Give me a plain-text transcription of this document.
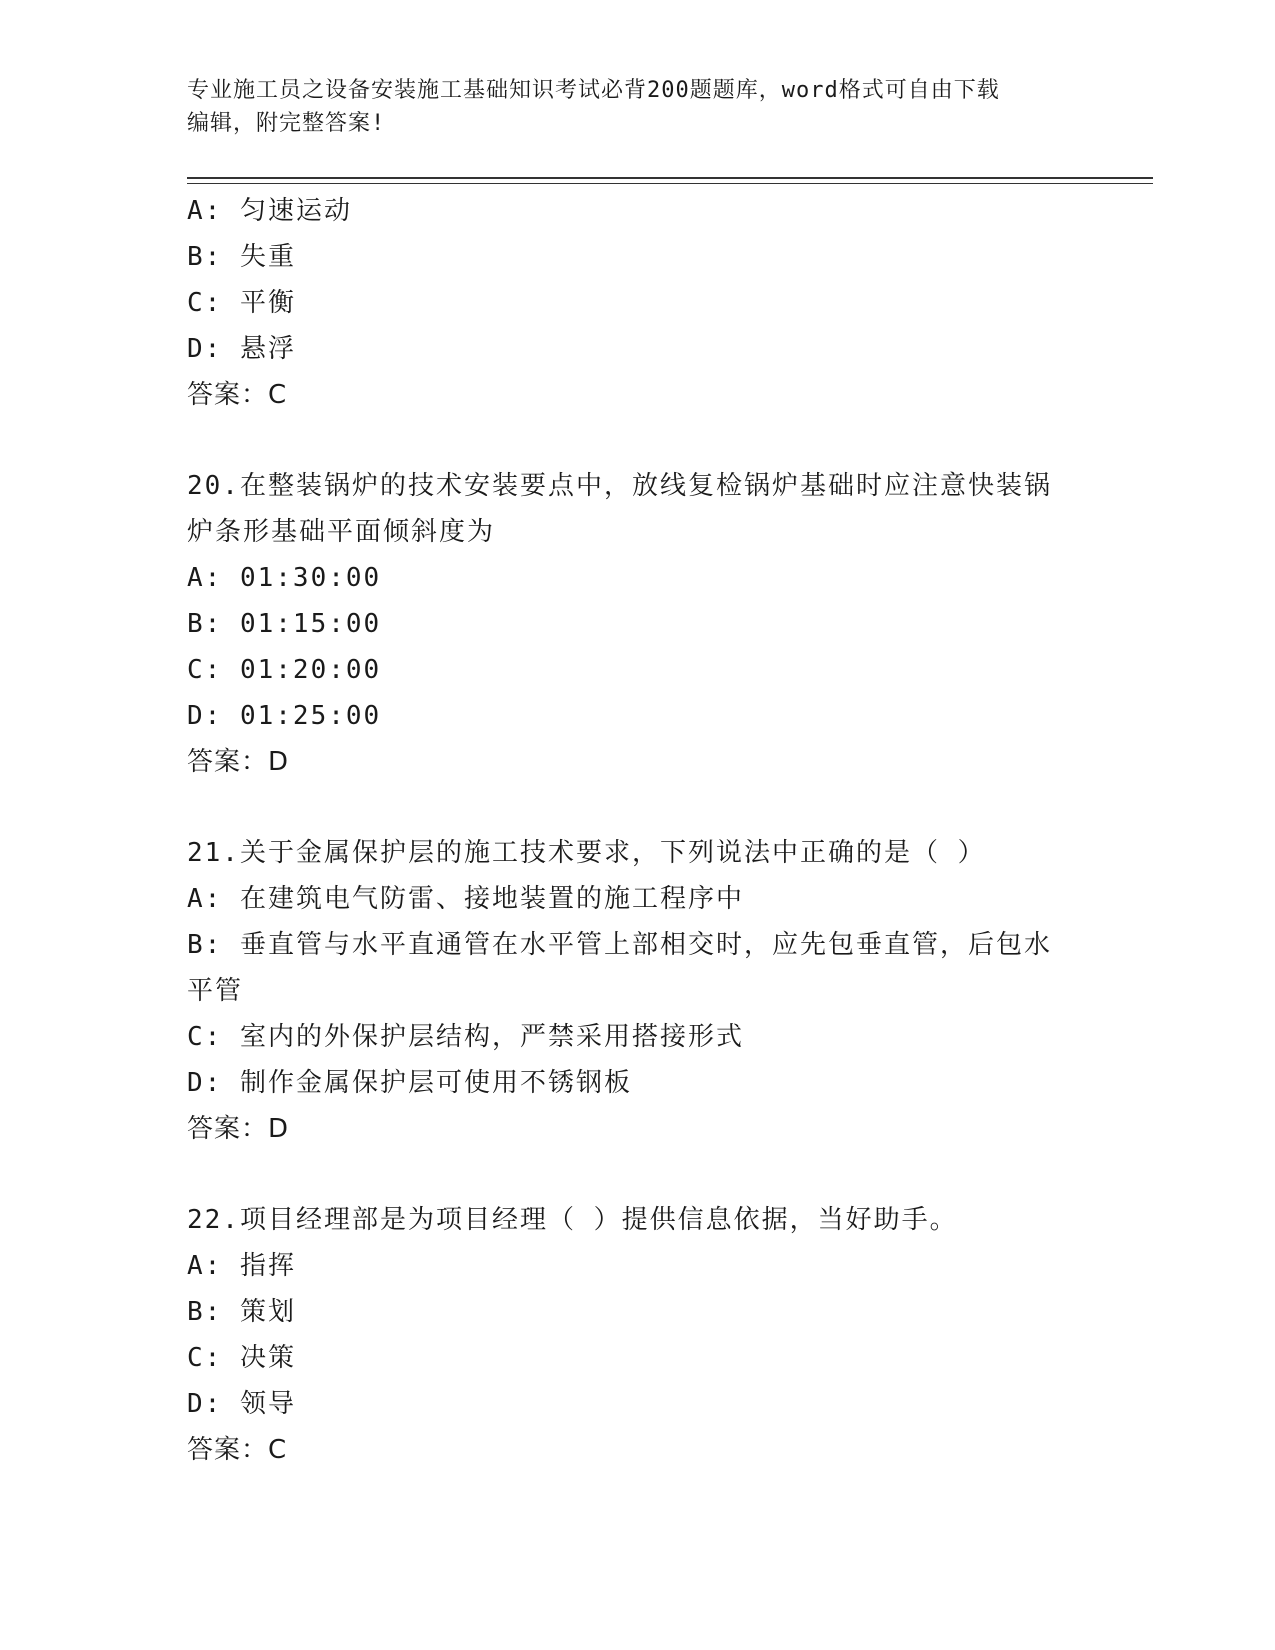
专业施工员之设备安装施工基础知识考试必背200题题库，word格式可自由下载
编辑，附完整答案!
A: 匀速运动
B: 失重
C: 平衡
D: 悬浮
答案：C
20.在整装锅炉的技术安装要点中，放线复检锅炉基础时应注意快装锅
炉条形基础平面倾斜度为
A: 01:30:00
B: 01:15:00
C: 01:20:00
D: 01:25:00
答案：D
21.关于金属保护层的施工技术要求，下列说法中正确的是（ ）
A: 在建筑电气防雷、接地装置的施工程序中
B: 垂直管与水平直通管在水平管上部相交时，应先包垂直管，后包水
平管
C: 室内的外保护层结构，严禁采用搭接形式
D: 制作金属保护层可使用不锈钢板
答案：D
22.项目经理部是为项目经理（ ）提供信息依据，当好助手。
A: 指挥
B: 策划
C: 决策
D: 领导
答案：C
